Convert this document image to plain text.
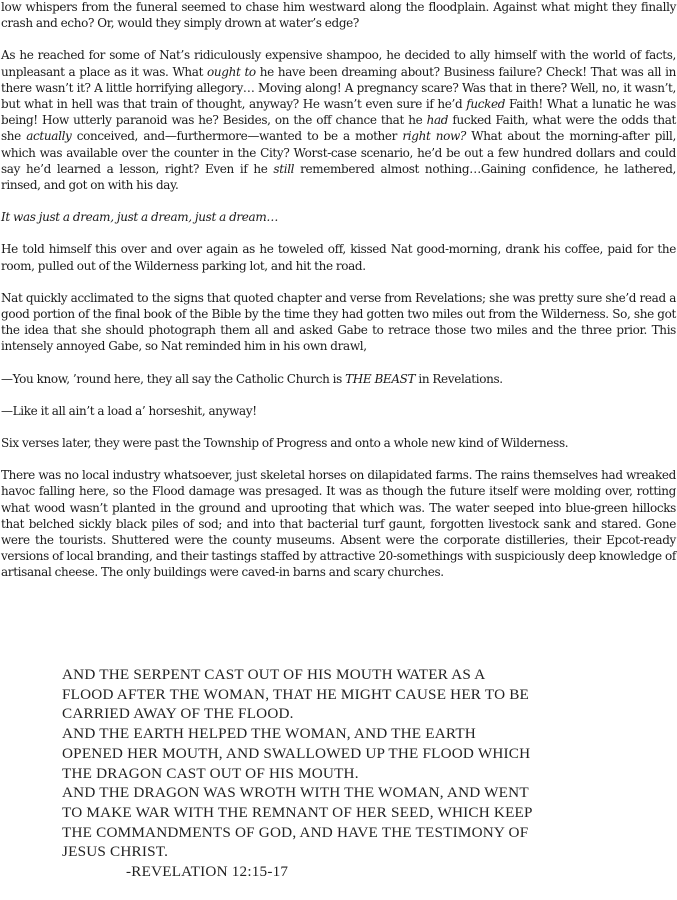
low whispers from the funeral seemed to chase him westward along the floodplain. Against what might they finally crash and echo? Or, would they simply drown at water’s edge?

As he reached for some of Nat’s ridiculously expensive shampoo, he decided to ally himself with the world of facts, unpleasant a place as it was. What ought to he have been dreaming about? Business failure? Check! That was all in there wasn’t it? A little horrifying allegory… Moving along! A pregnancy scare? Was that in there? Well, no, it wasn’t, but what in hell was that train of thought, anyway? He wasn’t even sure if he’d fucked Faith! What a lunatic he was being! How utterly paranoid was he? Besides, on the off chance that he had fucked Faith, what were the odds that she actually conceived, and—furthermore—wanted to be a mother right now? What about the morning-after pill, which was available over the counter in the City? Worst-case scenario, he’d be out a few hundred dollars and could say he’d learned a lesson, right? Even if he still remembered almost nothing…Gaining confidence, he lathered, rinsed, and got on with his day.

It was just a dream, just a dream, just a dream…

He told himself this over and over again as he toweled off, kissed Nat good-morning, drank his coffee, paid for the room, pulled out of the Wilderness parking lot, and hit the road.

Nat quickly acclimated to the signs that quoted chapter and verse from Revelations; she was pretty sure she’d read a good portion of the final book of the Bible by the time they had gotten two miles out from the Wilderness. So, she got the idea that she should photograph them all and asked Gabe to retrace those two miles and the three prior. This intensely annoyed Gabe, so Nat reminded him in his own drawl,

—You know, ’round here, they all say the Catholic Church is THE BEAST in Revelations.

—Like it all ain’t a load a’ horseshit, anyway!

Six verses later, they were past the Township of Progress and onto a whole new kind of Wilderness.

There was no local industry whatsoever, just skeletal horses on dilapidated farms. The rains themselves had wreaked havoc falling here, so the Flood damage was presaged. It was as though the future itself were molding over, rotting what wood wasn’t planted in the ground and uprooting that which was. The water seeped into blue-green hillocks that belched sickly black piles of sod; and into that bacterial turf gaunt, forgotten livestock sank and stared. Gone were the tourists. Shuttered were the county museums. Absent were the corporate distilleries, their Epcot-ready versions of local branding, and their tastings staffed by attractive 20-somethings with suspiciously deep knowledge of artisanal cheese. The only buildings were caved-in barns and scary churches.

AND THE SERPENT CAST OUT OF HIS MOUTH WATER AS A
FLOOD AFTER THE WOMAN, THAT HE MIGHT CAUSE HER TO BE
CARRIED AWAY OF THE FLOOD.
AND THE EARTH HELPED THE WOMAN, AND THE EARTH
OPENED HER MOUTH, AND SWALLOWED UP THE FLOOD WHICH
THE DRAGON CAST OUT OF HIS MOUTH.
AND THE DRAGON WAS WROTH WITH THE WOMAN, AND WENT
TO MAKE WAR WITH THE REMNANT OF HER SEED, WHICH KEEP
THE COMMANDMENTS OF GOD, AND HAVE THE TESTIMONY OF
JESUS CHRIST.
-REVELATION 12:15-17
